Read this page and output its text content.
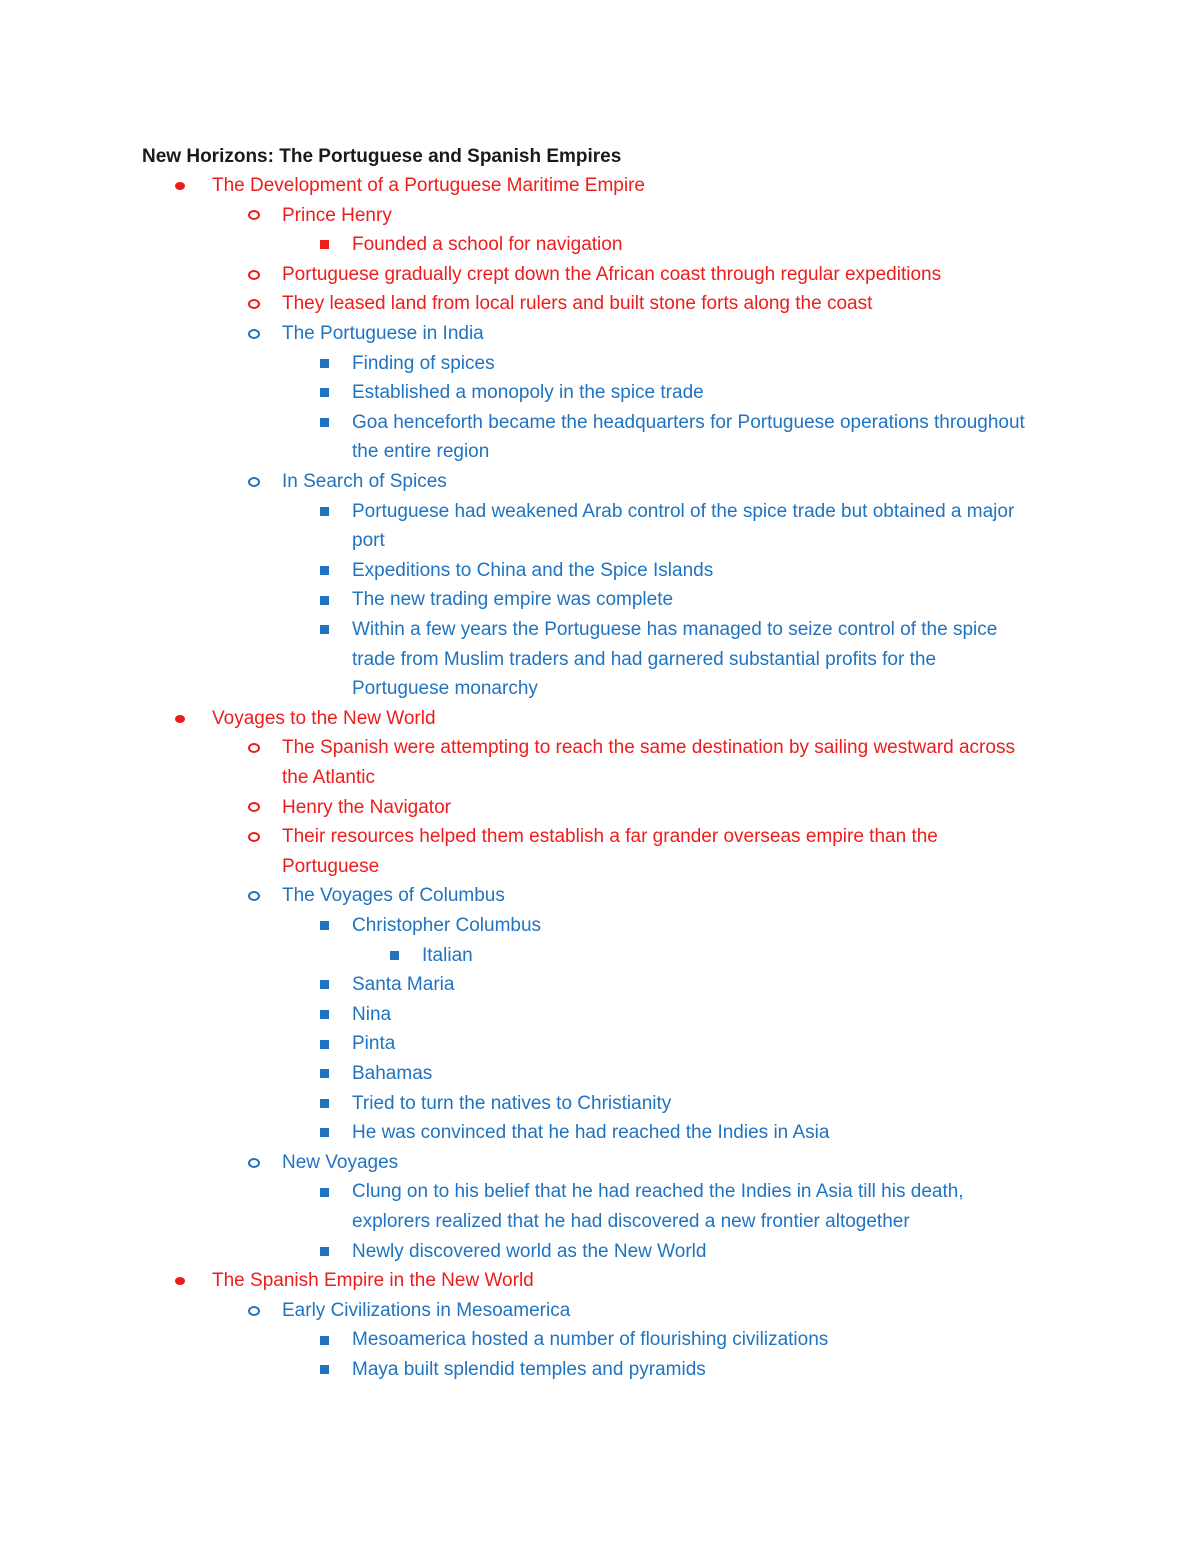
New Horizons: The Portuguese and Spanish Empires
The Development of a Portuguese Maritime Empire
Prince Henry
Founded a school for navigation
Portuguese gradually crept down the African coast through regular expeditions
They leased land from local rulers and built stone forts along the coast
The Portuguese in India
Finding of spices
Established a monopoly in the spice trade
Goa henceforth became the headquarters for Portuguese operations throughout
the entire region
In Search of Spices
Portuguese had weakened Arab control of the spice trade but obtained a major
port
Expeditions to China and the Spice Islands
The new trading empire was complete
Within a few years the Portuguese has managed to seize control of the spice
trade from Muslim traders and had garnered substantial profits for the
Portuguese monarchy
Voyages to the New World
The Spanish were attempting to reach the same destination by sailing westward across
the Atlantic
Henry the Navigator
Their resources helped them establish a far grander overseas empire than the
Portuguese
The Voyages of Columbus
Christopher Columbus
Italian
Santa Maria
Nina
Pinta
Bahamas
Tried to turn the natives to Christianity
He was convinced that he had reached the Indies in Asia
New Voyages
Clung on to his belief that he had reached the Indies in Asia till his death,
explorers realized that he had discovered a new frontier altogether
Newly discovered world as the New World
The Spanish Empire in the New World
Early Civilizations in Mesoamerica
Mesoamerica hosted a number of flourishing civilizations
Maya built splendid temples and pyramids
